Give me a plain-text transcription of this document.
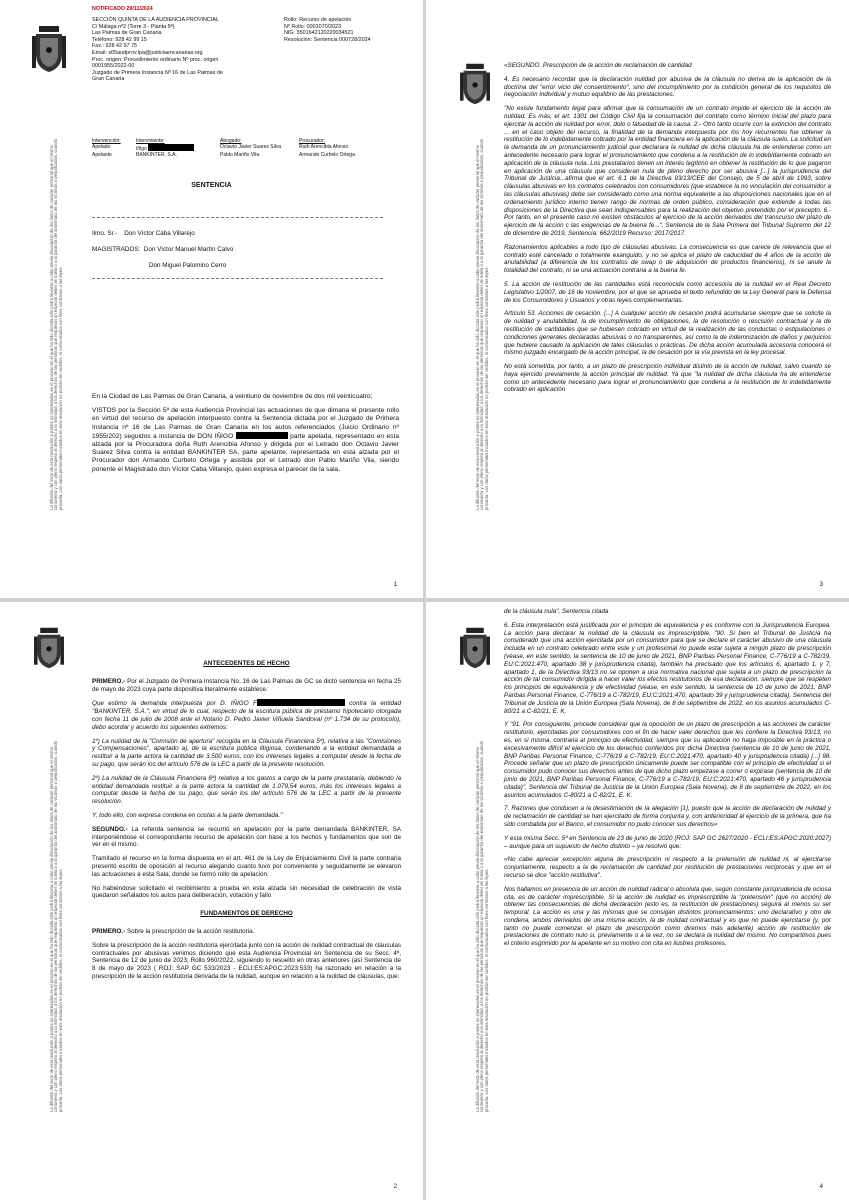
La difusión del texto de esta resolución a partes no interesadas en el proceso en el que ha sido dictada sólo podrá llevarse a cabo previa disociación de los datos de carácter personal que el mismo contuviera y con pleno respeto al derecho a la intimidad, a los derechos de las personas que requieran un especial deber de tutela o a la garantía del anonimato de las víctimas o perjudicados, cuando proceda. Los datos personales incluidos en esta resolución no podrán ser cedidos, ni comunicados con fines contrarios a las leyes.
NOTIFICADO 29/11/2024
SECCIÓN QUINTA DE LA AUDIENCIA PROVINCIAL
C/ Málaga nº2 (Torre 3 - Planta 5ª)
Las Palmas de Gran Canaria
Teléfono: 928 42 99 15
Fax.: 928 42 97 75
Email: s05audprov.lpa@justiciaencanarias.org
Proc. origen: Procedimiento ordinario Nº proc. origen
0001955/2022-00
Juzgado de Primera Instancia Nº 16 de Las Palmas de
Gran Canaria
Rollo: Recurso de apelación
Nº Rollo: 0001070/2023
NIG: 3501642120220034521
Resolución: Sentencia 000728/2024
Intervención:	Interviniente:	Abogado:	Procurador:
Apelado	Iñigo	Octavio Javier Suarez Silva	Ruth Arencibia Afonso
Apelante	BANKINTER, S.A.	Pablo Mariño Vila	Armando Curbelo Ortega
SENTENCIA
Ilmo. Sr.- Don Víctor Caba Villarejo
MAGISTRADOS: Don Víctor Manuel Martín Calvo
Don Miguel Palomino Cerro

En la Ciudad de Las Palmas de Gran Canaria, a veintiuno de noviembre de dos mil veinticuatro;

VISTOS por la Sección 5ª de esta Audiencia Provincial las actuaciones de que dimana el presente rollo en virtud del recurso de apelación interpuesto contra la Sentencia dictada por el Juzgado de Primera Instancia nº 16 de Las Palmas de Gran Canaria en los autos referenciados (Juicio Ordinario nº 1955/202) seguidos a instancia de DON IÑIGO	parte apelada, representado en esta alzada por la Procuradora doña Ruth Arencibia Afonso y dirigida por el Letrado don Octavio Javier Suárez Silva contra la entidad BANKINTER SA, parte apelante, representada en esta alzada por el Procurador don Armando Curbelo Ortega y asistida por el Letrado don Pablo Mariño Vila, siendo ponente el Magistrado don Víctor Caba Villarejo, quien expresa el parecer de la sala.

1
La difusión del texto de esta resolución a partes no interesadas en el proceso en el que ha sido dictada sólo podrá llevarse a cabo previa disociación de los datos de carácter personal que el mismo contuviera y con pleno respeto al derecho a la intimidad, a los derechos de las personas que requieran un especial deber de tutela o a la garantía del anonimato de las víctimas o perjudicados, cuando proceda. Los datos personales incluidos en esta resolución no podrán ser cedidos, ni comunicados con fines contrarios a las leyes.

«SEGUNDO. Prescripción de la acción de reclamación de cantidad

4. Es necesario recordar que la declaración nulidad por abusiva de la cláusula no deriva de la aplicación de la doctrina del "error vicio del consentimiento", sino del incumplimiento por la condición general de los requisitos de negociación individual y mutuo equilibrio de las prestaciones.

"No existe fundamento legal para afirmar que la consumación de un contrato impide el ejercicio de la acción de nulidad. Es más, el art. 1301 del Código Civil fija la consumación del contrato como término inicial del plazo para ejercitar la acción de nulidad por error, dolo o falsedad de la causa. 2.- Otro tanto ocurre con la extinción del contrato ... en el caso objeto del recurso, la finalidad de la demanda interpuesta por los hoy recurrentes fue obtener la restitución de lo indebidamente cobrado por la entidad financiera en la aplicación de la cláusula suelo. La solicitud en la demanda de un pronunciamiento judicial que declarara la nulidad de dicha cláusula ha de entenderse como un antecedente necesario para lograr el pronunciamiento que condena a la restitución de lo indebidamente cobrado en aplicación de la cláusula nula. Los prestatarios tienen un interés legítimo en obtener la restitución de lo que pagaron en aplicación de una cláusula que consideran nula de pleno derecho por ser abusiva [...] la jurisprudencia del Tribunal de Justicia...afirma que el art. 6.1 de la Directiva 93/13/CEE del Consejo, de 5 de abril de 1993, sobre cláusulas abusivas en los contratos celebrados con consumidores (que establece la no vinculación del consumidor a las cláusulas abusivas) debe ser considerado como una norma equivalente a las disposiciones nacionales que en el ordenamiento jurídico interno tienen rango de normas de orden público, consideración que extiende a todas las disposiciones de la Directiva que sean indispensables para la realización del objetivo pretendido por el precepto. 6.- Por tanto, en el presente caso no existen obstáculos al ejercicio de la acción derivados del transcurso del plazo de ejercicio de la acción c las exigencias de la buena fe...", Sentencia de la Sala Primera del Tribunal Supremo del 12 de diciembre de 2019, Sentencia: 662/2019 Recurso: 2017/2017.

Razonamientos aplicables a todo tipo de cláusulas abusivas. La consecuencia es que carece de relevancia que el contrato esté cancelado o totalmente exanguido, y no se aplica el plazo de caducidad de 4 años de la acción de anulabilidad (a diferencia de los contratos de swap o de adquisición de productos financieros), ni se anule la totalidad del contrato, ni se una actuación contraria a la buena fe.

5. La acción de restitución de las cantidades está reconocida como accesoria de la nulidad en el Real Decreto Legislativo 1/2007, de 16 de noviembre, por el que se aprueba el texto refundido de la Ley General para la Defensa de los Consumidores y Usuarios y otras leyes complementarias.

Artículo 53. Acciones de cesación. [...] A cualquier acción de cesación podrá acumularse siempre que se solicite la de nulidad y anulabilidad, la de incumplimiento de obligaciones, la de resolución o rescisión contractual y la de restitución de cantidades que se hubiesen cobrado en virtud de la realización de las conductas o estipulaciones o condiciones generales declaradas abusivas o no transparentes, así como la de indemnización de daños y perjuicios que hubiere causado la aplicación de tales cláusulas o prácticas. De dicha acción acumulada accesoria conocerá el mismo juzgado encargado de la acción principal, la de cesación por la vía prevista en la ley procesal.

No está sometida, por tanto, a un plazo de prescripción individual distinto de la acción de nulidad, salvo cuando se haya ejercido previamente la acción principal de nulidad. Ya que "la nulidad de dicha cláusula ha de entenderse como un antecedente necesario para lograr el pronunciamiento que condena a la restitución de lo indebidamente cobrado en aplicación

3
La difusión del texto de esta resolución a partes no interesadas en el proceso en el que ha sido dictada sólo podrá llevarse a cabo previa disociación de los datos de carácter personal que el mismo contuviera y con pleno respeto al derecho a la intimidad, a los derechos de las personas que requieran un especial deber de tutela o a la garantía del anonimato de las víctimas o perjudicados, cuando proceda. Los datos personales incluidos en esta resolución no podrán ser cedidos, ni comunicados con fines contrarios a las leyes.
ANTECEDENTES DE HECHO

PRIMERO.- Por el Juzgado de Primera Instancia No. 16 de Las Palmas de GC se dictó sentencia en fecha 25 de mayo de 2023 cuya parte dispositiva literalmente establece:

Que estimo la demanda interpuesta por D. IÑIGO F	contra la entidad "BANKINTER, S.A."; en virtud de lo cual, respecto de la escritura pública de préstamo hipotecario otorgada con fecha 11 de julio de 2008 ante el Notario D. Pedro Javier Viñuela Sandoval (nº 1.734 de su protocolo), debo acordar y acuerdo los siguientes extremos:

1º) La nulidad de la "Comisión de apertura" recogida en la Cláusula Financiera 5ª), relativa a las "Comisiones y Compensaciones", apartado a), de la escritura pública litigiosa, condenando a la entidad demandada a restituir a la parte actora la cantidad de 3.500 euros, con los intereses legales a computar desde la fecha de su pago, que serán los del artículo 576 de la LEC a partir de la presente resolución.

2º) La nulidad de la Cláusula Financiera 6ª) relativa a los gastos a cargo de la parte prestataria, debiendo la entidad demandada restituir a la parte actora la cantidad de 1.079,54 euros, más los intereses legales a computar desde la fecha de su pago, que serán los del artículo 576 de la LEC a partir de la presente resolución.

Y, todo ello, con expresa condena en costas a la parte demandada."

SEGUNDO.- La referida sentencia se recurrió en apelación por la parte demandada BANKINTER, SA interponiéndose el correspondiente recurso de apelación con base a los hechos y fundamentos que son de ver en el mismo.

Tramitado el recurso en la forma dispuesta en el art. 461 de la Ley de Enjuiciamiento Civil la parte contraria presentó escrito de oposición al recurso alegando cuanto tuvo por conveniente y seguidamente se elevaron las actuaciones a esta Sala, donde se formó rollo de apelación.

No habiéndose solicitado el recibimiento a prueba en esta alzada sin necesidad de celebración de vista quedaron señalados los autos para deliberación, votación y fallo

FUNDAMENTOS DE DERECHO

PRIMERO.- Sobre la prescripción de la acción restitutoria.

Sobre la prescripción de la acción restitutoria ejercitada junto con la acción de nulidad contractual de cláusulas contractuales por abusivas venimos diciendo que esta Audiencia Provincial en Sentencia de su Secc. 4ª, Sentencia de 12 de junio de 2023; Rollo 960/2022, siguiendo lo resuelto en otras anteriores (así Sentencia de 8 de mayo de 2023 ( ROJ: SAP GC 533/2023 - ECLI:ES:APGC:2023:533) ha razonado en relación a la prescripción de la acción restitutoria derivada de la nulidad, aunque en relación a la nulidad de cláusulas, que:

2
La difusión del texto de esta resolución a partes no interesadas en el proceso en el que ha sido dictada sólo podrá llevarse a cabo previa disociación de los datos de carácter personal que el mismo contuviera y con pleno respeto al derecho a la intimidad, a los derechos de las personas que requieran un especial deber de tutela o a la garantía del anonimato de las víctimas o perjudicados, cuando proceda. Los datos personales incluidos en esta resolución no podrán ser cedidos, ni comunicados con fines contrarios a las leyes.

de la cláusula nula", Sentencia citada

6. Esta interpretación está justificada por el principio de equivalencia y es conforme con la Jurisprudencia Europea. La acción para declarar la nulidad de la cláusula es imprescriptible. "90. Si bien el Tribunal de Justicia ha considerado que una acción ejercitada por un consumidor para que se declare el carácter abusivo de una cláusula incluida en un contrato celebrado entre este y un profesional no puede estar sujeta a ningún plazo de prescripción (véase, en este sentido, la sentencia de 10 de junio de 2021, BNP Paribas Personal Finance, C-776/19 a C-782/19, EU:C:2021:470, apartado 38 y jurisprudencia citada), también ha precisado que los artículos 6, apartado 1, y 7, apartado 1, de la Directiva 93/13 no se oponen a una normativa nacional que sujeta a un plazo de prescripción la acción de tal consumidor dirigida a hacer valer los efectos restitutorios de esa declaración, siempre que se respeten los principios de equivalencia y de efectividad (véase, en este sentido, la sentencia de 10 de junio de 2021, BNP Paribas Personal Finance, C-776/19 a C-782/19, EU:C:2021:470, apartado 39 y jurisprudencia citada), Sentencia del Tribunal de Justicia de la Unión Europea (Sala Novena), de 8 de septiembre de 2022, en los asuntos acumulados C-80/21 a C-82/21, E. K.

Y "91. Por consiguiente, procede considerar que la oposición de un plazo de prescripción a las acciones de carácter restitutorio, ejercitadas por consumidores con el fin de hacer valer derechos que les confiere la Directiva 93/13, no es, en sí misma, contraria al principio de efectividad, siempre que su aplicación no haga imposible en la práctica o excesivamente difícil el ejercicio de los derechos conferidos por dicha Directiva (sentencia de 10 de junio de 2021, BNP Paribas Personal Finance, C-776/19 a C-782/19, EU:C:2021:470, apartado 40 y jurisprudencia citada) [...] 98. Procede señalar que un plazo de prescripción únicamente puede ser compatible con el principio de efectividad si el consumidor pudo conocer sus derechos antes de que dicho plazo empezase a correr o expirase (sentencia de 10 de junio de 2021, BNP Paribas Personal Finance, C-776/19 a C-782/19, EU:C:2021:470, apartado 46 y jurisprudencia citada)", Sentencia del Tribunal de Justicia de la Unión Europea (Sala Novena), de 8 de septiembre de 2022, en los asuntos acumulados C-80/21 a C-82/21, E. K.

7. Razones que conducen a la desestimación de la alegación [1], puesto que la acción de declaración de nulidad y de reclamación de cantidad se han ejercitado de forma conjunta y, con anterioridad al ejercicio de la primera, que ha sido combatida por el Banco, el consumidor no pudo conocer sus derechos»

Y esta misma Secc. 5ª en Sentencia de 23 de junio de 2020 (ROJ: SAP GC 2627/2020 - ECLI:ES:APGC:2020:2027) – aunque para un supuesto de hecho distinto – ya resolvió que:

«No cabe apreciar excepción alguna de prescripción ni respecto a la pretensión de nulidad ni, al ejercitarse conjuntamente, respecto a la de reclamación de cantidad por restitución de prestaciones recíprocas y que en el recurso se dice "acción restitutiva".

Nos hallamos en presencia de un acción de nulidad radical o absoluta que, según constante jurisprudencia de ociosa cita, es de carácter imprescriptible. Si la acción de nulidad es imprescriptible la "pretensión" (que no acción) de obtener las consecuencias de dicha declaración (esto es, la restitución de prestaciones) seguirá al menos su ser temporal. La acción es una y las mismas que se consigan distintos pronunciamientos: uno declarativo y otro de condena, ambos derivados de una misma acción, la de nulidad contractual y es que no puede ejercitarse (y, por tanto no puede comenzar el plazo de prescripción como diremos más adelante) acción de restitución de prestaciones de contrato nulo si, previamente o a la vez, no se declara la nulidad del mismo. No compartimos pues el criterio esgrimido por la apelante en su motivo con cita en ilustres profesores.

4
